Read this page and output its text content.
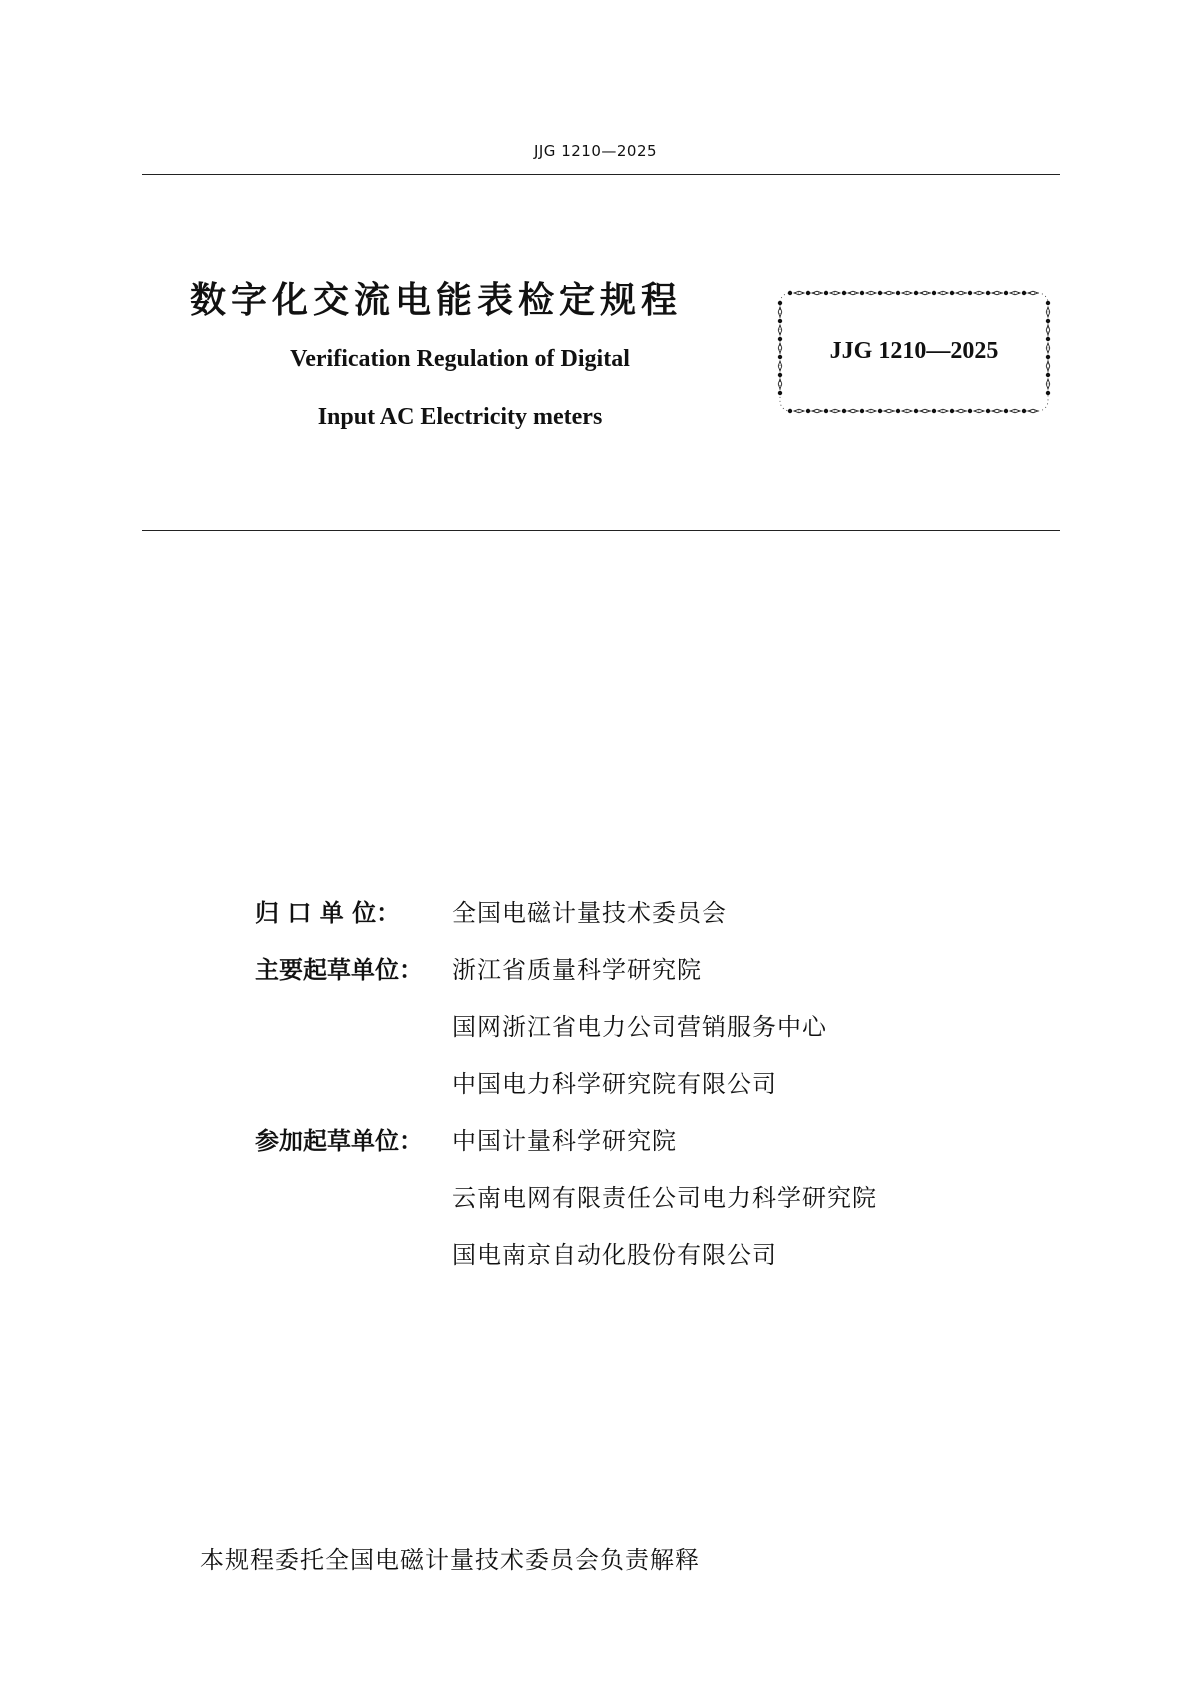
JJG 1210—2025
数字化交流电能表检定规程
Verification Regulation of Digital
Input AC Electricity meters
JJG 1210—2025
归 口 单 位： 全国电磁计量技术委员会
主要起草单位： 浙江省质量科学研究院
国网浙江省电力公司营销服务中心
中国电力科学研究院有限公司
参加起草单位： 中国计量科学研究院
云南电网有限责任公司电力科学研究院
国电南京自动化股份有限公司
本规程委托全国电磁计量技术委员会负责解释
